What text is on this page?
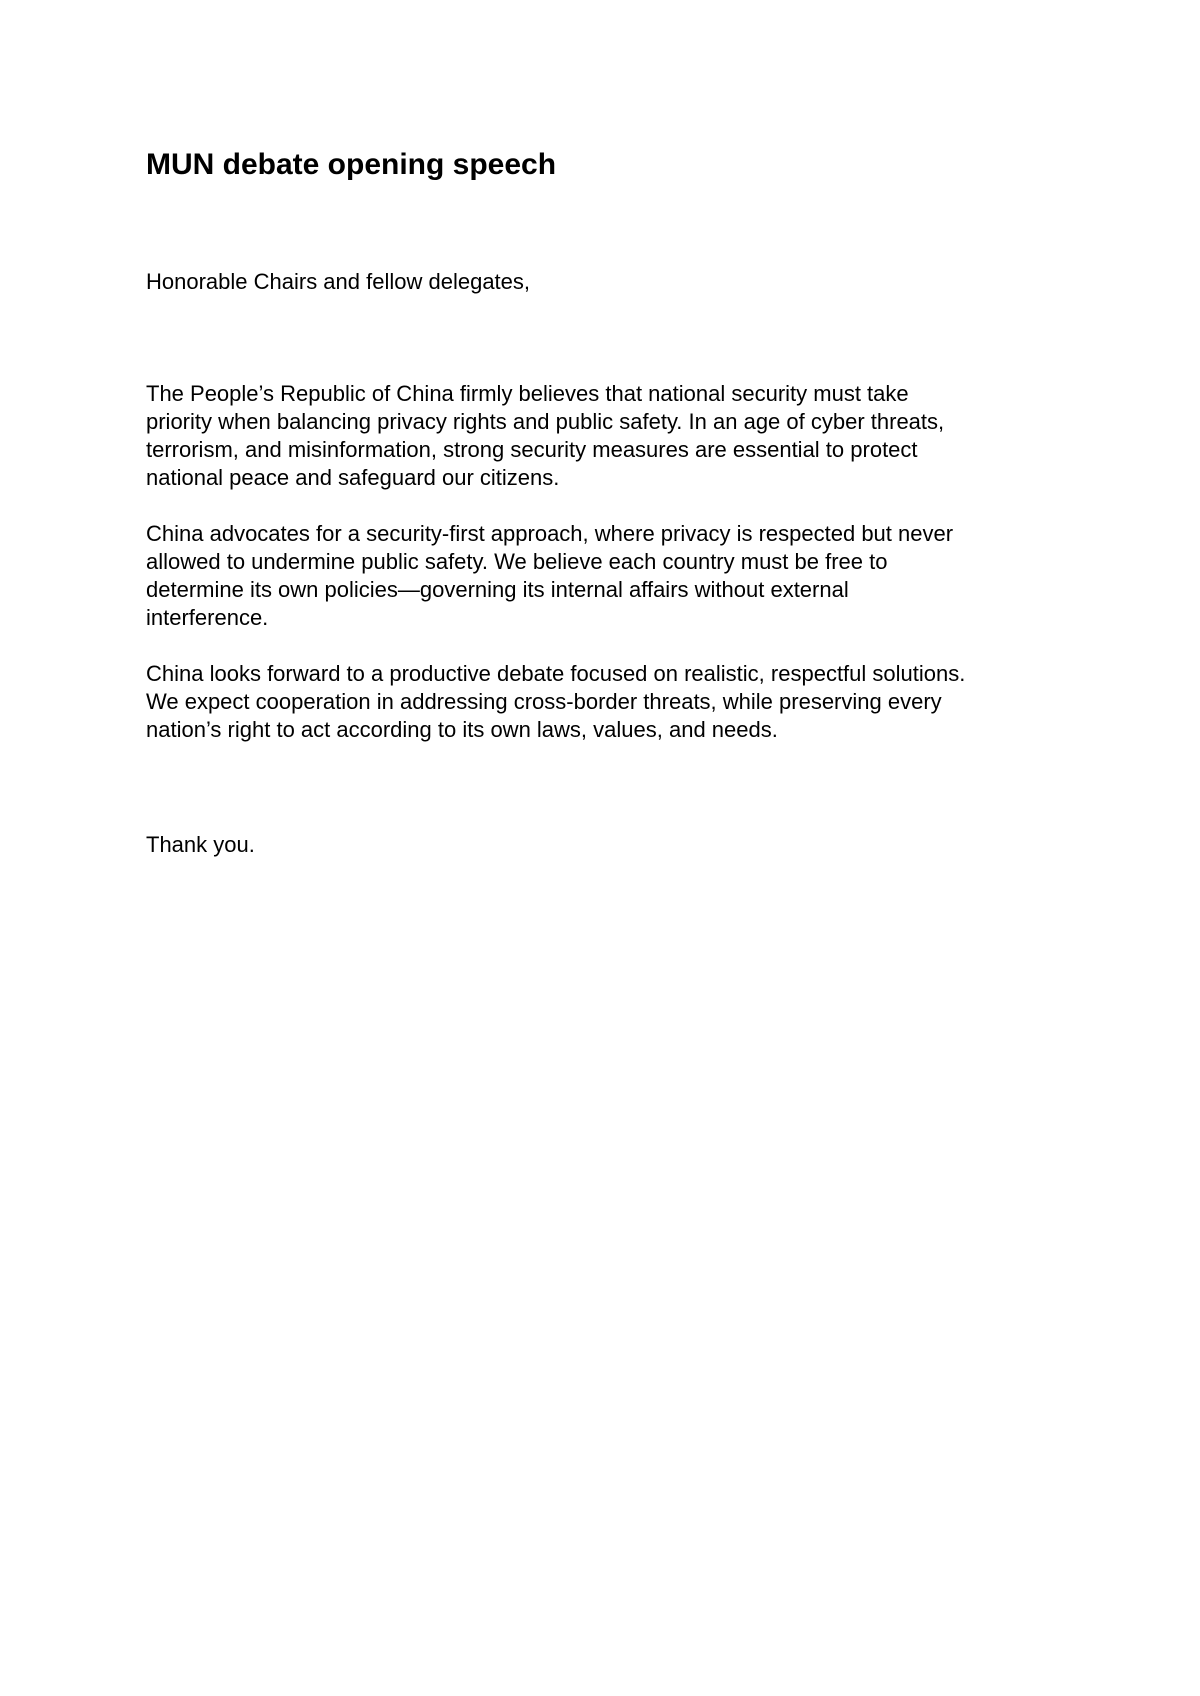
MUN debate opening speech

Honorable Chairs and fellow delegates,

The People’s Republic of China firmly believes that national security must take
priority when balancing privacy rights and public safety. In an age of cyber threats,
terrorism, and misinformation, strong security measures are essential to protect
national peace and safeguard our citizens.

China advocates for a security-first approach, where privacy is respected but never
allowed to undermine public safety. We believe each country must be free to
determine its own policies—governing its internal affairs without external
interference.

China looks forward to a productive debate focused on realistic, respectful solutions.
We expect cooperation in addressing cross-border threats, while preserving every
nation’s right to act according to its own laws, values, and needs.

Thank you.
